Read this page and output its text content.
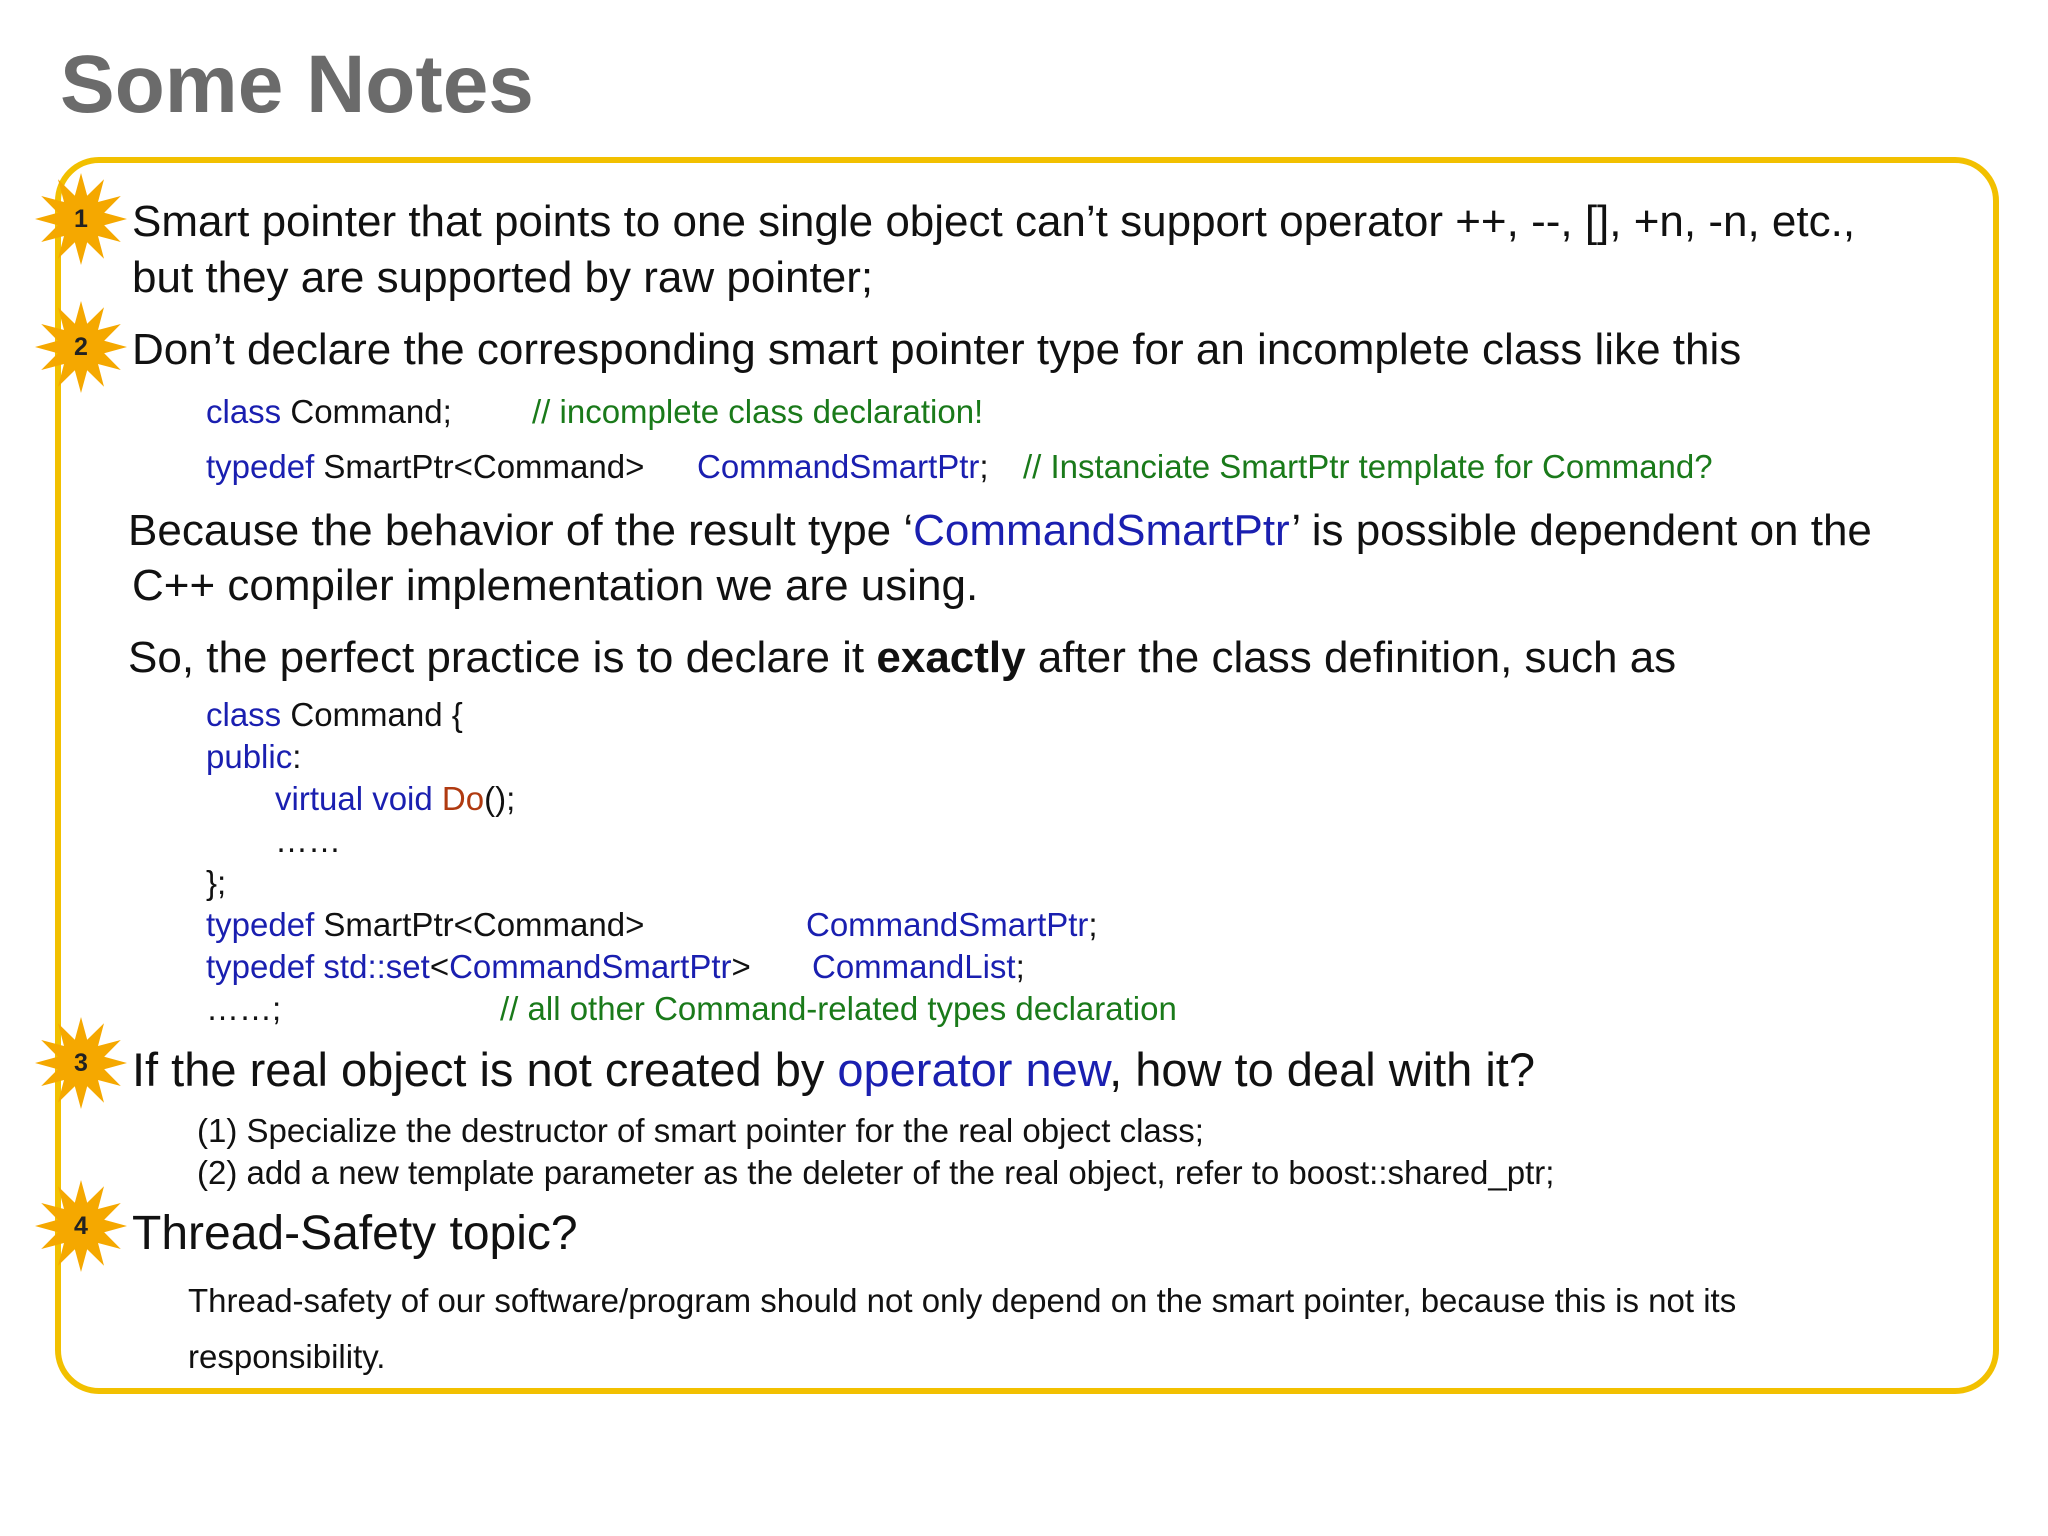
Some Notes
1
2
3
4
Smart pointer that points to one single object can’t support operator ++, --, [], +n, -n, etc.,
but they are supported by raw pointer;
Don’t declare the corresponding smart pointer type for an incomplete class like this
class Command; // incomplete class declaration!
typedef SmartPtr<Command> CommandSmartPtr; // Instanciate SmartPtr template for Command?
Because the behavior of the result type ‘CommandSmartPtr’ is possible dependent on the
C++ compiler implementation we are using.
So, the perfect practice is to declare it exactly after the class definition, such as
class Command {
public:
virtual void Do();
……
};
typedef SmartPtr<Command>	CommandSmartPtr;
typedef std::set<CommandSmartPtr> CommandList;
……;	// all other Command-related types declaration
If the real object is not created by operator new, how to deal with it?
(1) Specialize the destructor of smart pointer for the real object class;
(2) add a new template parameter as the deleter of the real object, refer to boost::shared_ptr;
Thread-Safety topic?
Thread-safety of our software/program should not only depend on the smart pointer, because this is not its
responsibility.
